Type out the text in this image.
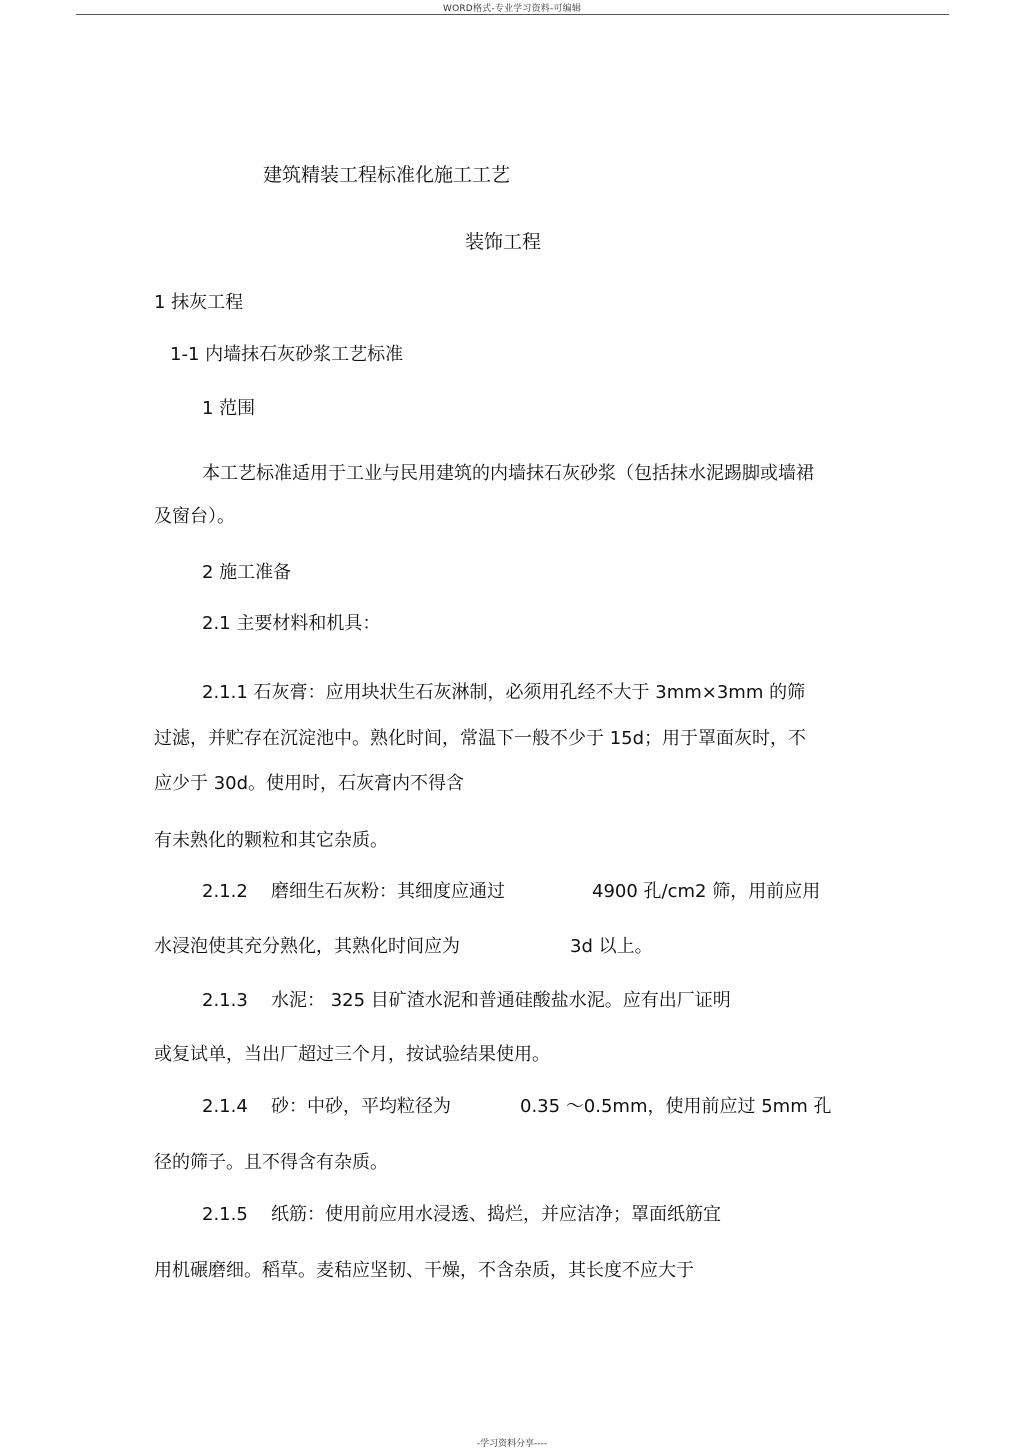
WORD格式-专业学习资料-可编辑
建筑精装工程标准化施工工艺
装饰工程
1 抹灰工程
1-1 内墙抹石灰砂浆工艺标准
1 范围
本工艺标准适用于工业与民用建筑的内墙抹石灰砂浆（包括抹水泥踢脚或墙裙
及窗台）。
2 施工准备
2.1 主要材料和机具：
2.1.1 石灰膏：应用块状生石灰淋制，必须用孔经不大于 3mm×3mm 的筛
过滤，并贮存在沉淀池中。熟化时间，常温下一般不少于 15d；用于罩面灰时，不
应少于 30d。使用时，石灰膏内不得含
有未熟化的颗粒和其它杂质。
2.1.2 磨细生石灰粉：其细度应通过	4900 孔/cm2 筛，用前应用
水浸泡使其充分熟化，其熟化时间应为	3d 以上。
2.1.3 水泥： 325 目矿渣水泥和普通硅酸盐水泥。应有出厂证明
或复试单，当出厂超过三个月，按试验结果使用。
2.1.4 砂：中砂，平均粒径为	0.35 ～0.5mm，使用前应过 5mm 孔
径的筛子。且不得含有杂质。
2.1.5 纸筋：使用前应用水浸透、捣烂，并应洁净；罩面纸筋宜
用机碾磨细。稻草。麦秸应坚韧、干燥，不含杂质，其长度不应大于
-学习资料分享----
